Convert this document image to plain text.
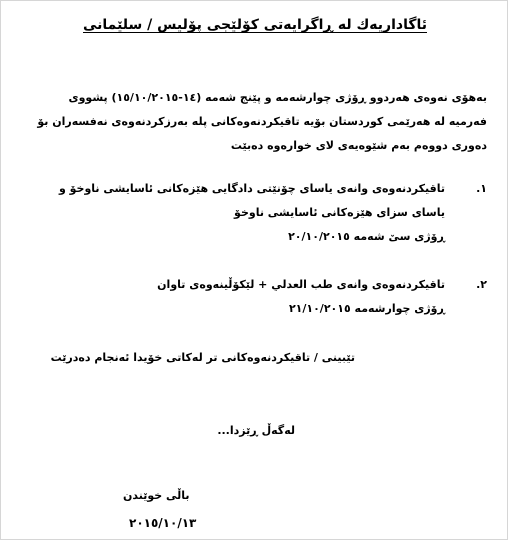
ئاگاداریەك لە ڕاگرایەتی كۆلێجی پۆلیس / سلێمانی
بەهۆی نەوەی هەردوو ڕۆژی چوارشەمە و پێنج شەمە (١٤-١٥/١٠/٢٠١٥) پشووی
فەرمیە لە هەرێمی كوردستان بۆیە تاقیكردنەوەكانی پلە بەرزكردنەوەی نەفسەران بۆ
دەوری دووەم بەم شێوەیەی لای خوارەوە دەبێت
١.
تاقیكردنەوەی وانەی یاسای چۆنێتی دادگایی هێزەكانی ئاسایشی ناوخۆ و
یاسای سزای هێزەكانی ئاسایشی ناوخۆ
ڕۆژی سێ شەمە ٢٠/١٠/٢٠١٥
٢.
تاقیكردنەوەی وانەی طب العدلي + لێكۆڵینەوەی تاوان
ڕۆژی چوارشەمە ٢١/١٠/٢٠١٥
تێبینی / تاقیكردنەوەكانی تر لەكاتی خۆیدا ئەنجام دەدرێت
لەگەڵ ڕێزدا...
باڵی خوێندن
٢٠١٥/١٠/١٣
